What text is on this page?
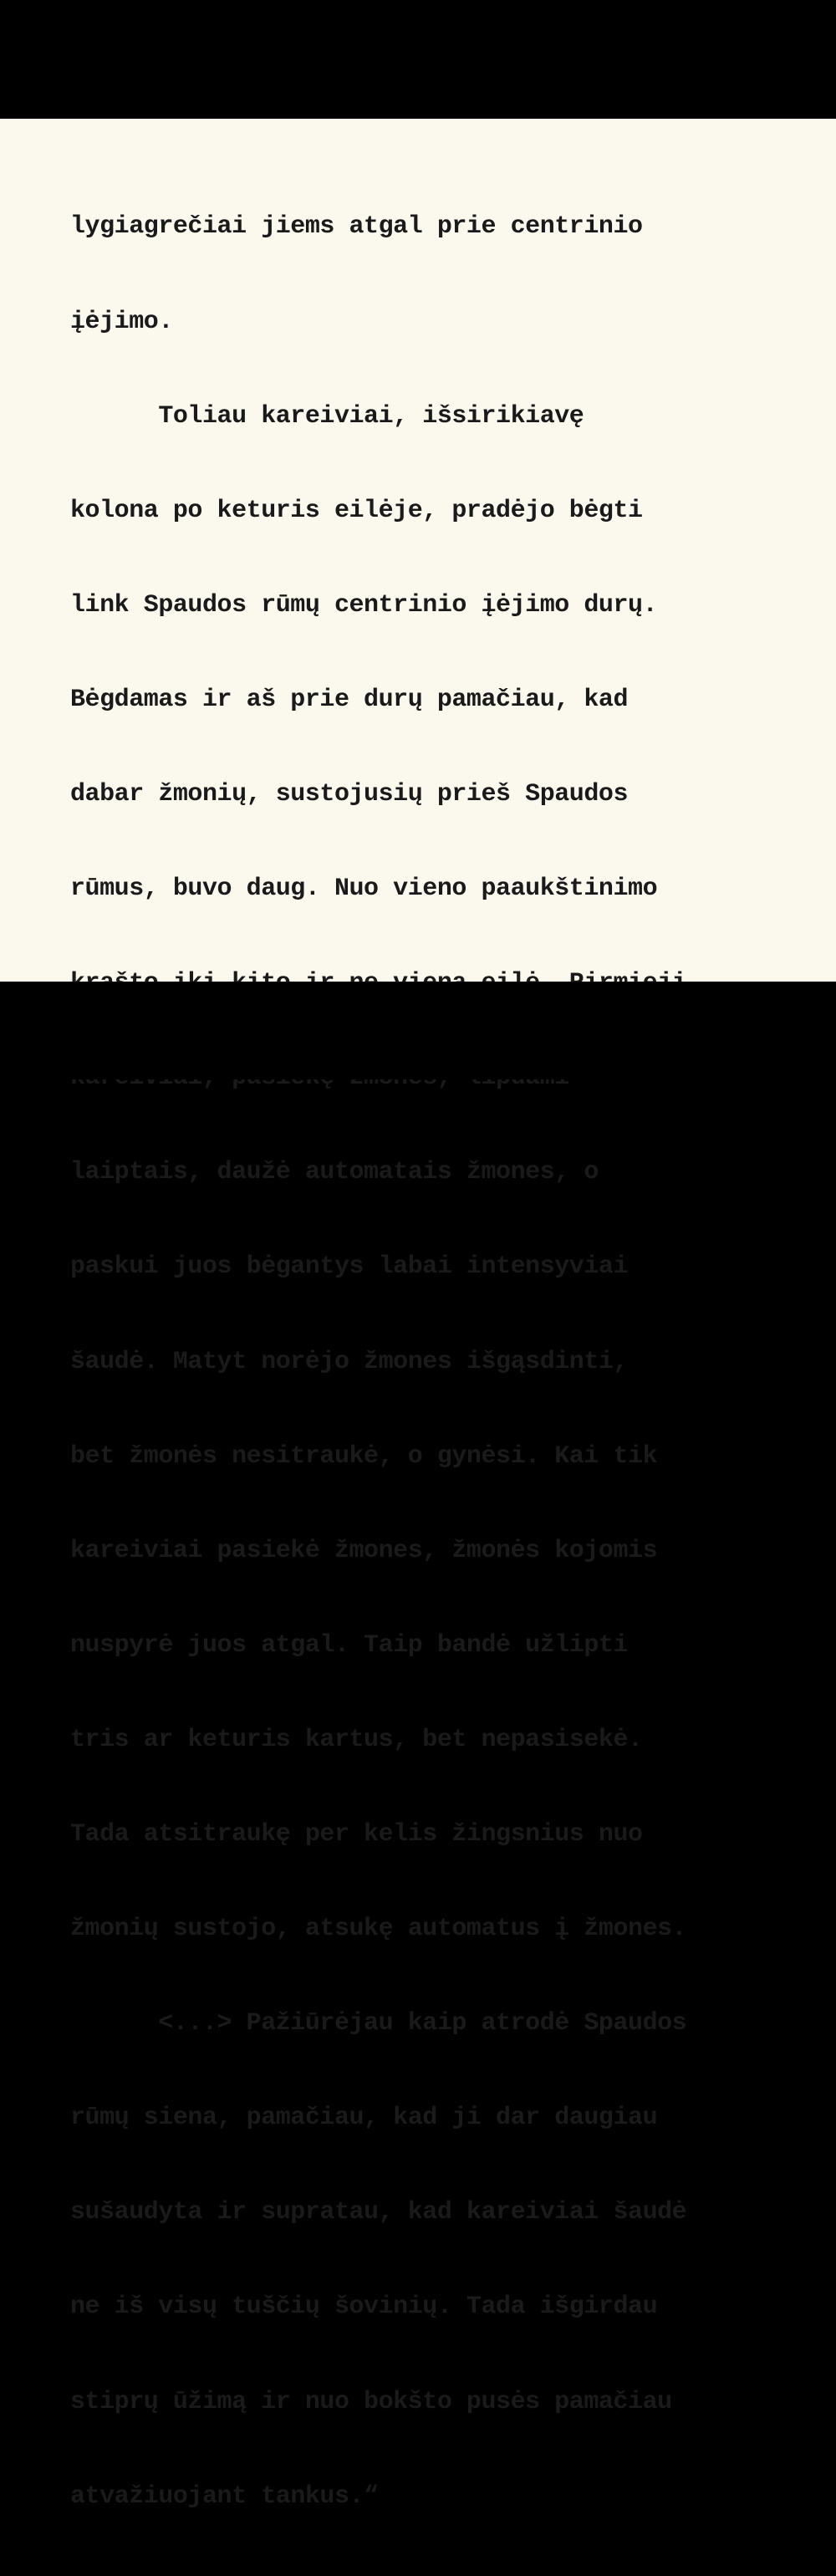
lygiagrečiai jiems atgal prie centrinio

įėjimo.

Toliau kareiviai, išsirikiavę

kolona po keturis eilėje, pradėjo bėgti

link Spaudos rūmų centrinio įėjimo durų.

Bėgdamas ir aš prie durų pamačiau, kad

dabar žmonių, sustojusių prieš Spaudos

rūmus, buvo daug. Nuo vieno paaukštinimo

laiptais, daužė automatais žmones, o

paskui juos bėgantys labai intensyviai

šaudė. Matyt norėjo žmones išgąsdinti,

bet žmonės nesitraukė, o gynėsi. Kai tik

kareiviai pasiekė žmones, žmonės kojomis

nuspyrė juos atgal. Taip bandė užlipti

tris ar keturis kartus, bet nepasisekė.

Tada atsitraukę per kelis žingsnius nuo

žmonių sustojo, atsukę automatus į žmones.

<...> Pažiūrėjau kaip atrodė Spaudos

rūmų siena, pamačiau, kad ji dar daugiau

sušaudyta ir supratau, kad kareiviai šaudė

ne iš visų tuščių šovinių. Tada išgirdau

stiprų ūžimą ir nuo bokšto pusės pamačiau

atvažiuojant tankus.“
